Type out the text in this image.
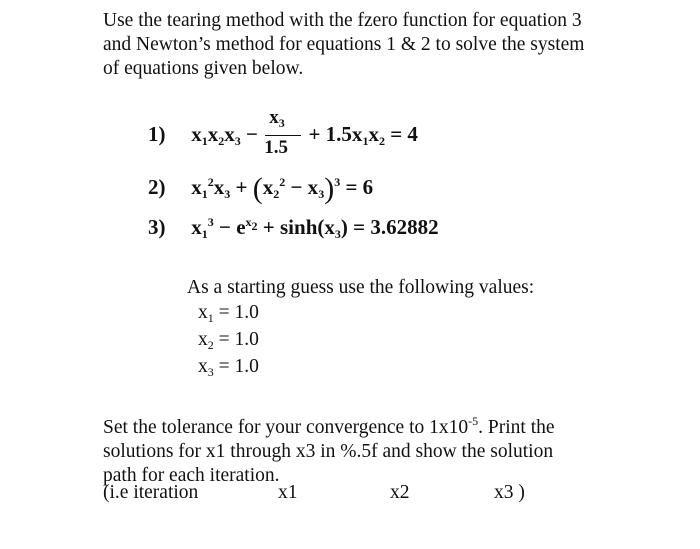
Use the tearing method with the fzero function for equation 3
and Newton’s method for equations 1 & 2 to solve the system
of equations given below.
1) $x_1x_2x_3 - \frac{x_3}{1.5} + 1.5x_1x_2 = 4$
2) $x_1^2x_3 + (x_2^2 - x_3)^3 = 6$
3) $x_1^3 - e^{x_2} + \sinh(x_3) = 3.62882$
As a starting guess use the following values:
$x_1 = 1.0$
$x_2 = 1.0$
$x_3 = 1.0$
Set the tolerance for your convergence to $1x10^{-5}$. Print the
solutions for x1 through x3 in %.5f and show the solution
path for each iteration.
(i.e iteration	x1	x2	x3 )
